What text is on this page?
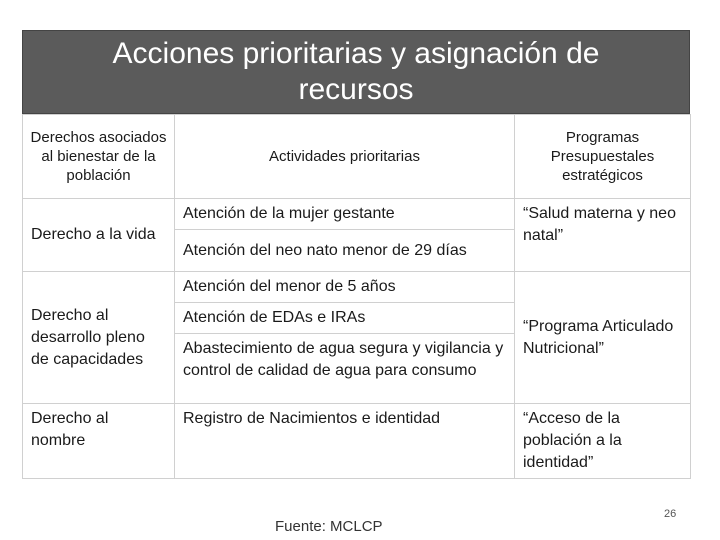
Acciones prioritarias y asignación de recursos
Derechos asociados al bienestar de la población	Actividades prioritarias	Programas Presupuestales estratégicos
Derecho a la vida	Atención de la mujer gestante	“Salud materna y neo natal”
	Atención del neo nato menor de 29 días	
Derecho al desarrollo pleno de capacidades	Atención del menor de 5 años	“Programa Articulado Nutricional”
	Atención de EDAs e IRAs	
	Abastecimiento de agua segura y vigilancia y control de calidad de agua para consumo	
Derecho al nombre	Registro de Nacimientos e identidad	“Acceso de la población a la identidad”
Fuente: MCLCP
26
